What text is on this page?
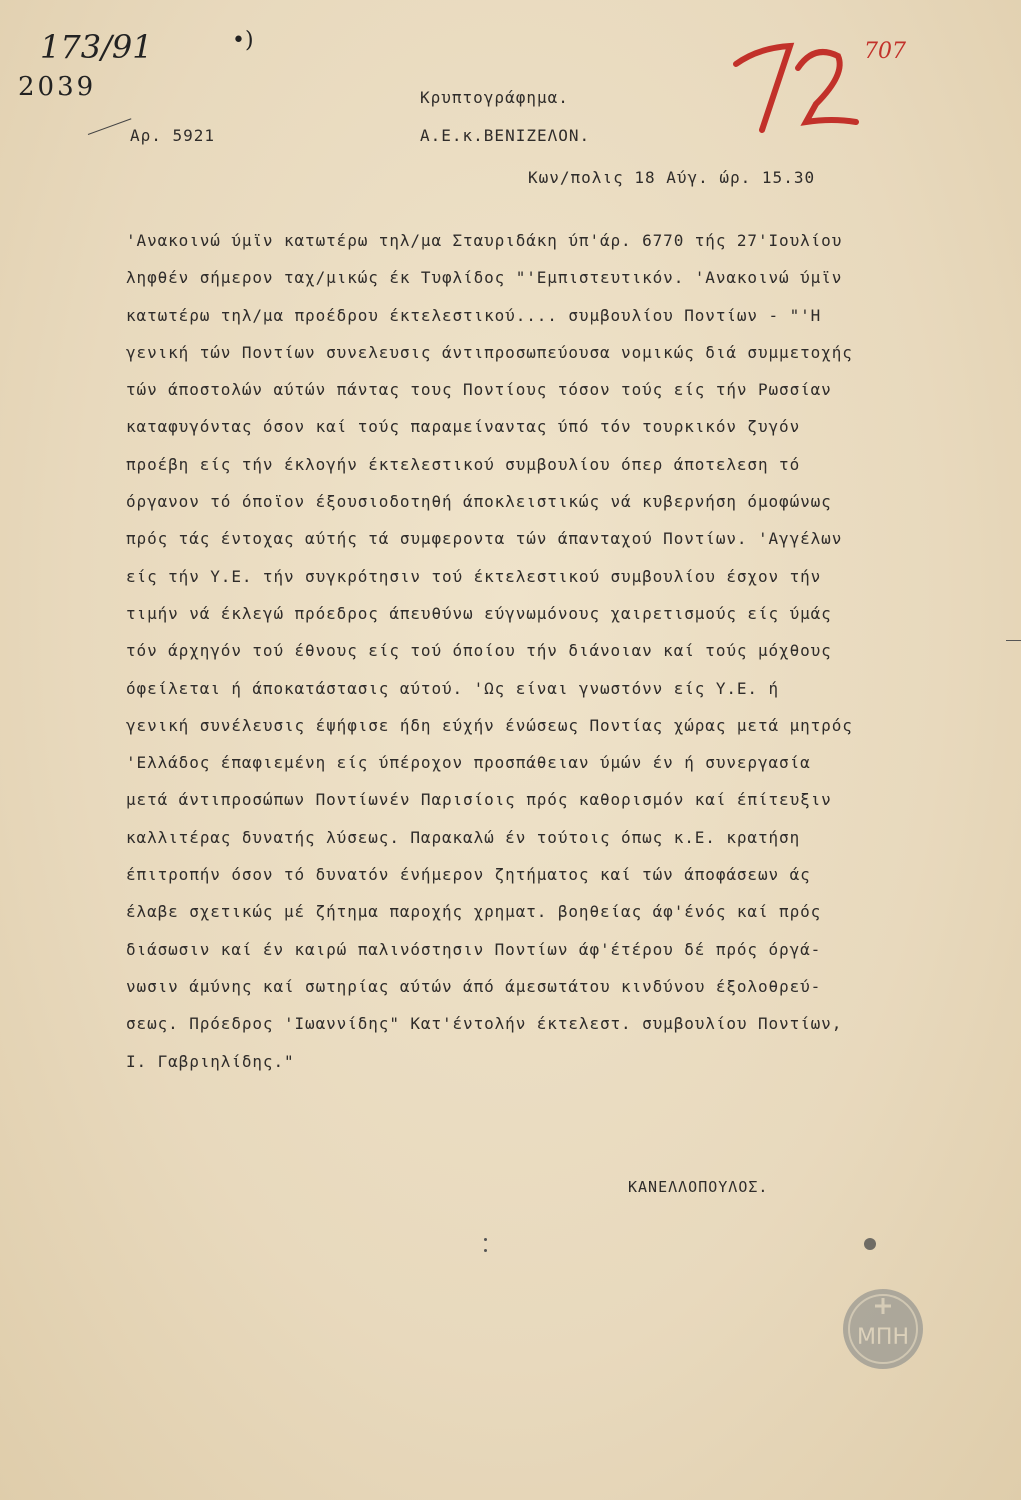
173/91
2039
•)	707
Κρυπτογράφημα.
Αρ. 5921	Α.Ε.κ.ΒΕΝΙΖΕΛΟΝ.
Κων/πολις 18 Αύγ. ώρ. 15.30
'Ανακοινώ ύμϊν κατωτέρω τηλ/μα Σταυριδάκη ύπ'άρ. 6770 τής 27'Ιουλίου
ληφθέν σήμερον ταχ/μικώς έκ Τυφλίδος "'Εμπιστευτικόν. 'Ανακοινώ ύμϊν
κατωτέρω τηλ/μα προέδρου έκτελεστικού.... συμβουλίου Ποντίων - "'Η
γενική τών Ποντίων συνελευσις άντιπροσωπεύουσα νομικώς διά συμμετοχής
τών άποστολών αύτών πάντας τους Ποντίους τόσον τούς είς τήν Ρωσσίαν
καταφυγόντας όσον καί τούς παραμείναντας ύπό τόν τουρκικόν ζυγόν
προέβη είς τήν έκλογήν έκτελεστικού συμβουλίου όπερ άποτελεση τό
όργανον τό όποϊον έξουσιοδοτηθή άποκλειστικώς νά κυβερνήση όμοφώνως
πρός τάς έντοχας αύτής τά συμφεροντα τών άπανταχού Ποντίων. 'Αγγέλων
είς τήν Υ.Ε. τήν συγκρότησιν τού έκτελεστικού συμβουλίου έσχον τήν
τιμήν νά έκλεγώ πρόεδρος άπευθύνω εύγνωμόνους χαιρετισμούς είς ύμάς
τόν άρχηγόν τού έθνους είς τού όποίου τήν διάνοιαν καί τούς μόχθους
όφείλεται ή άποκατάστασις αύτού. 'Ως είναι γνωστόνν είς Υ.Ε. ή
γενική συνέλευσις έψήφισε ήδη εύχήν ένώσεως Ποντίας χώρας μετά μητρός
'Ελλάδος έπαφιεμένη είς ύπέροχον προσπάθειαν ύμών έν ή συνεργασία
μετά άντιπροσώπων Ποντίωνέν Παρισίοις πρός καθορισμόν καί έπίτευξιν
καλλιτέρας δυνατής λύσεως. Παρακαλώ έν τούτοις όπως κ.Ε. κρατήση
έπιτροπήν όσον τό δυνατόν ένήμερον ζητήματος καί τών άποφάσεων άς
έλαβε σχετικώς μέ ζήτημα παροχής χρηματ. βοηθείας άφ'ένός καί πρός
διάσωσιν καί έν καιρώ παλινόστησιν Ποντίων άφ'έτέρου δέ πρός όργά-
νωσιν άμύνης καί σωτηρίας αύτών άπό άμεσωτάτου κινδύνου έξολοθρεύ-
σεως. Πρόεδρος 'Ιωαννίδης" Κατ'έντολήν έκτελεστ. συμβουλίου Ποντίων,
Ι. Γαβριηλίδης."
ΚΑΝΕΛΛΟΠΟΥΛΟΣ.
ΜΠΗ
